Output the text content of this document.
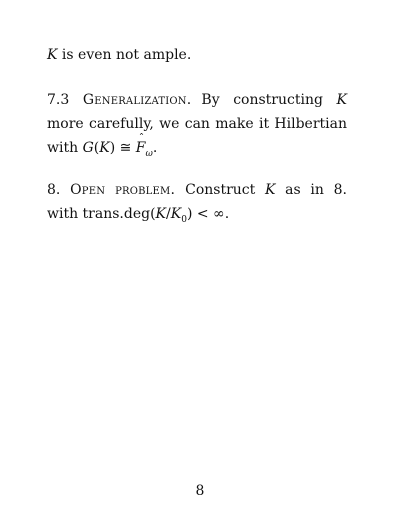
K is even not ample.

7.3 Generalization. By constructing K more carefully, we can make it Hilbertian with G(K) ≅ ˆ $F_\omega$.

8. Open problem. Construct K as in 8. with $trans.deg(K/K_0)$ < ∞.

8
